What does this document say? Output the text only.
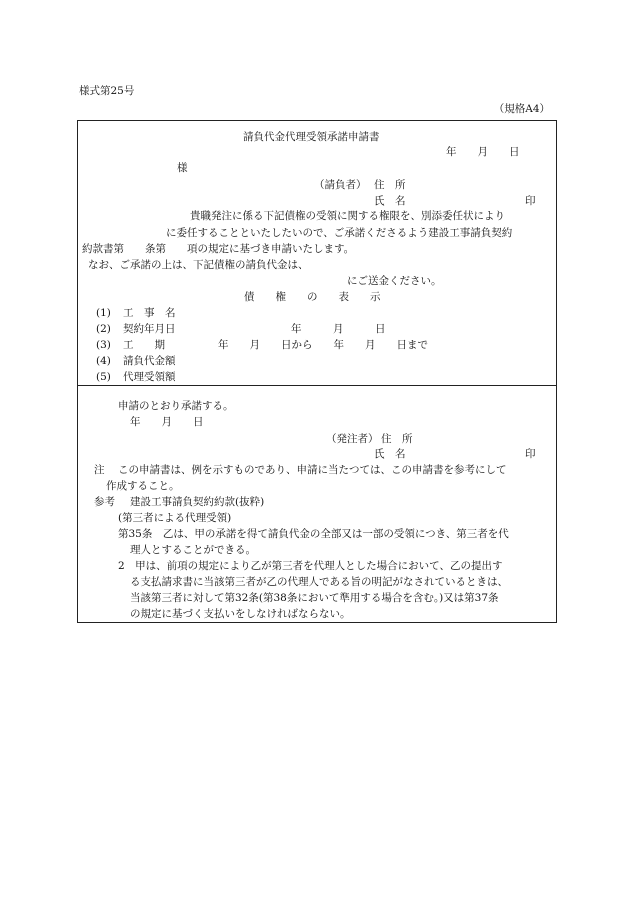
様式第25号
（規格A4）
請負代金代理受領承諾申請書
年　　月　　日
様
（請負者） 住　所
氏　名	印
貴職発注に係る下記債権の受領に関する権限を、別添委任状により
に委任することといたしたいので、ご承諾くださるよう建設工事請負契約
約款書第　　条第　　項の規定に基づき申請いたします。
なお、ご承諾の上は、下記債権の請負代金は、
にご送金ください。
債　　権　　の　　表　　示
(1) 工　事　名
(2) 契約年月日	年　　　月　　　日
(3) 工　　期	年　　月　　日から　　年　　月　　日まで
(4) 請負代金額
(5) 代理受領額
申請のとおり承諾する。
年　　月　　日
（発注者） 住　所
氏　名	印
注 この申請書は、例を示すものであり、申請に当たつては、この申請書を参考にして
作成すること。
参考 建設工事請負契約約款(抜粋)
(第三者による代理受領)
第35条　乙は、甲の承諾を得て請負代金の全部又は一部の受領につき、第三者を代
理人とすることができる。
2　甲は、前項の規定により乙が第三者を代理人とした場合において、乙の提出す
る支払請求書に当該第三者が乙の代理人である旨の明記がなされているときは、
当該第三者に対して第32条(第38条において準用する場合を含む。)又は第37条
の規定に基づく支払いをしなければならない。
